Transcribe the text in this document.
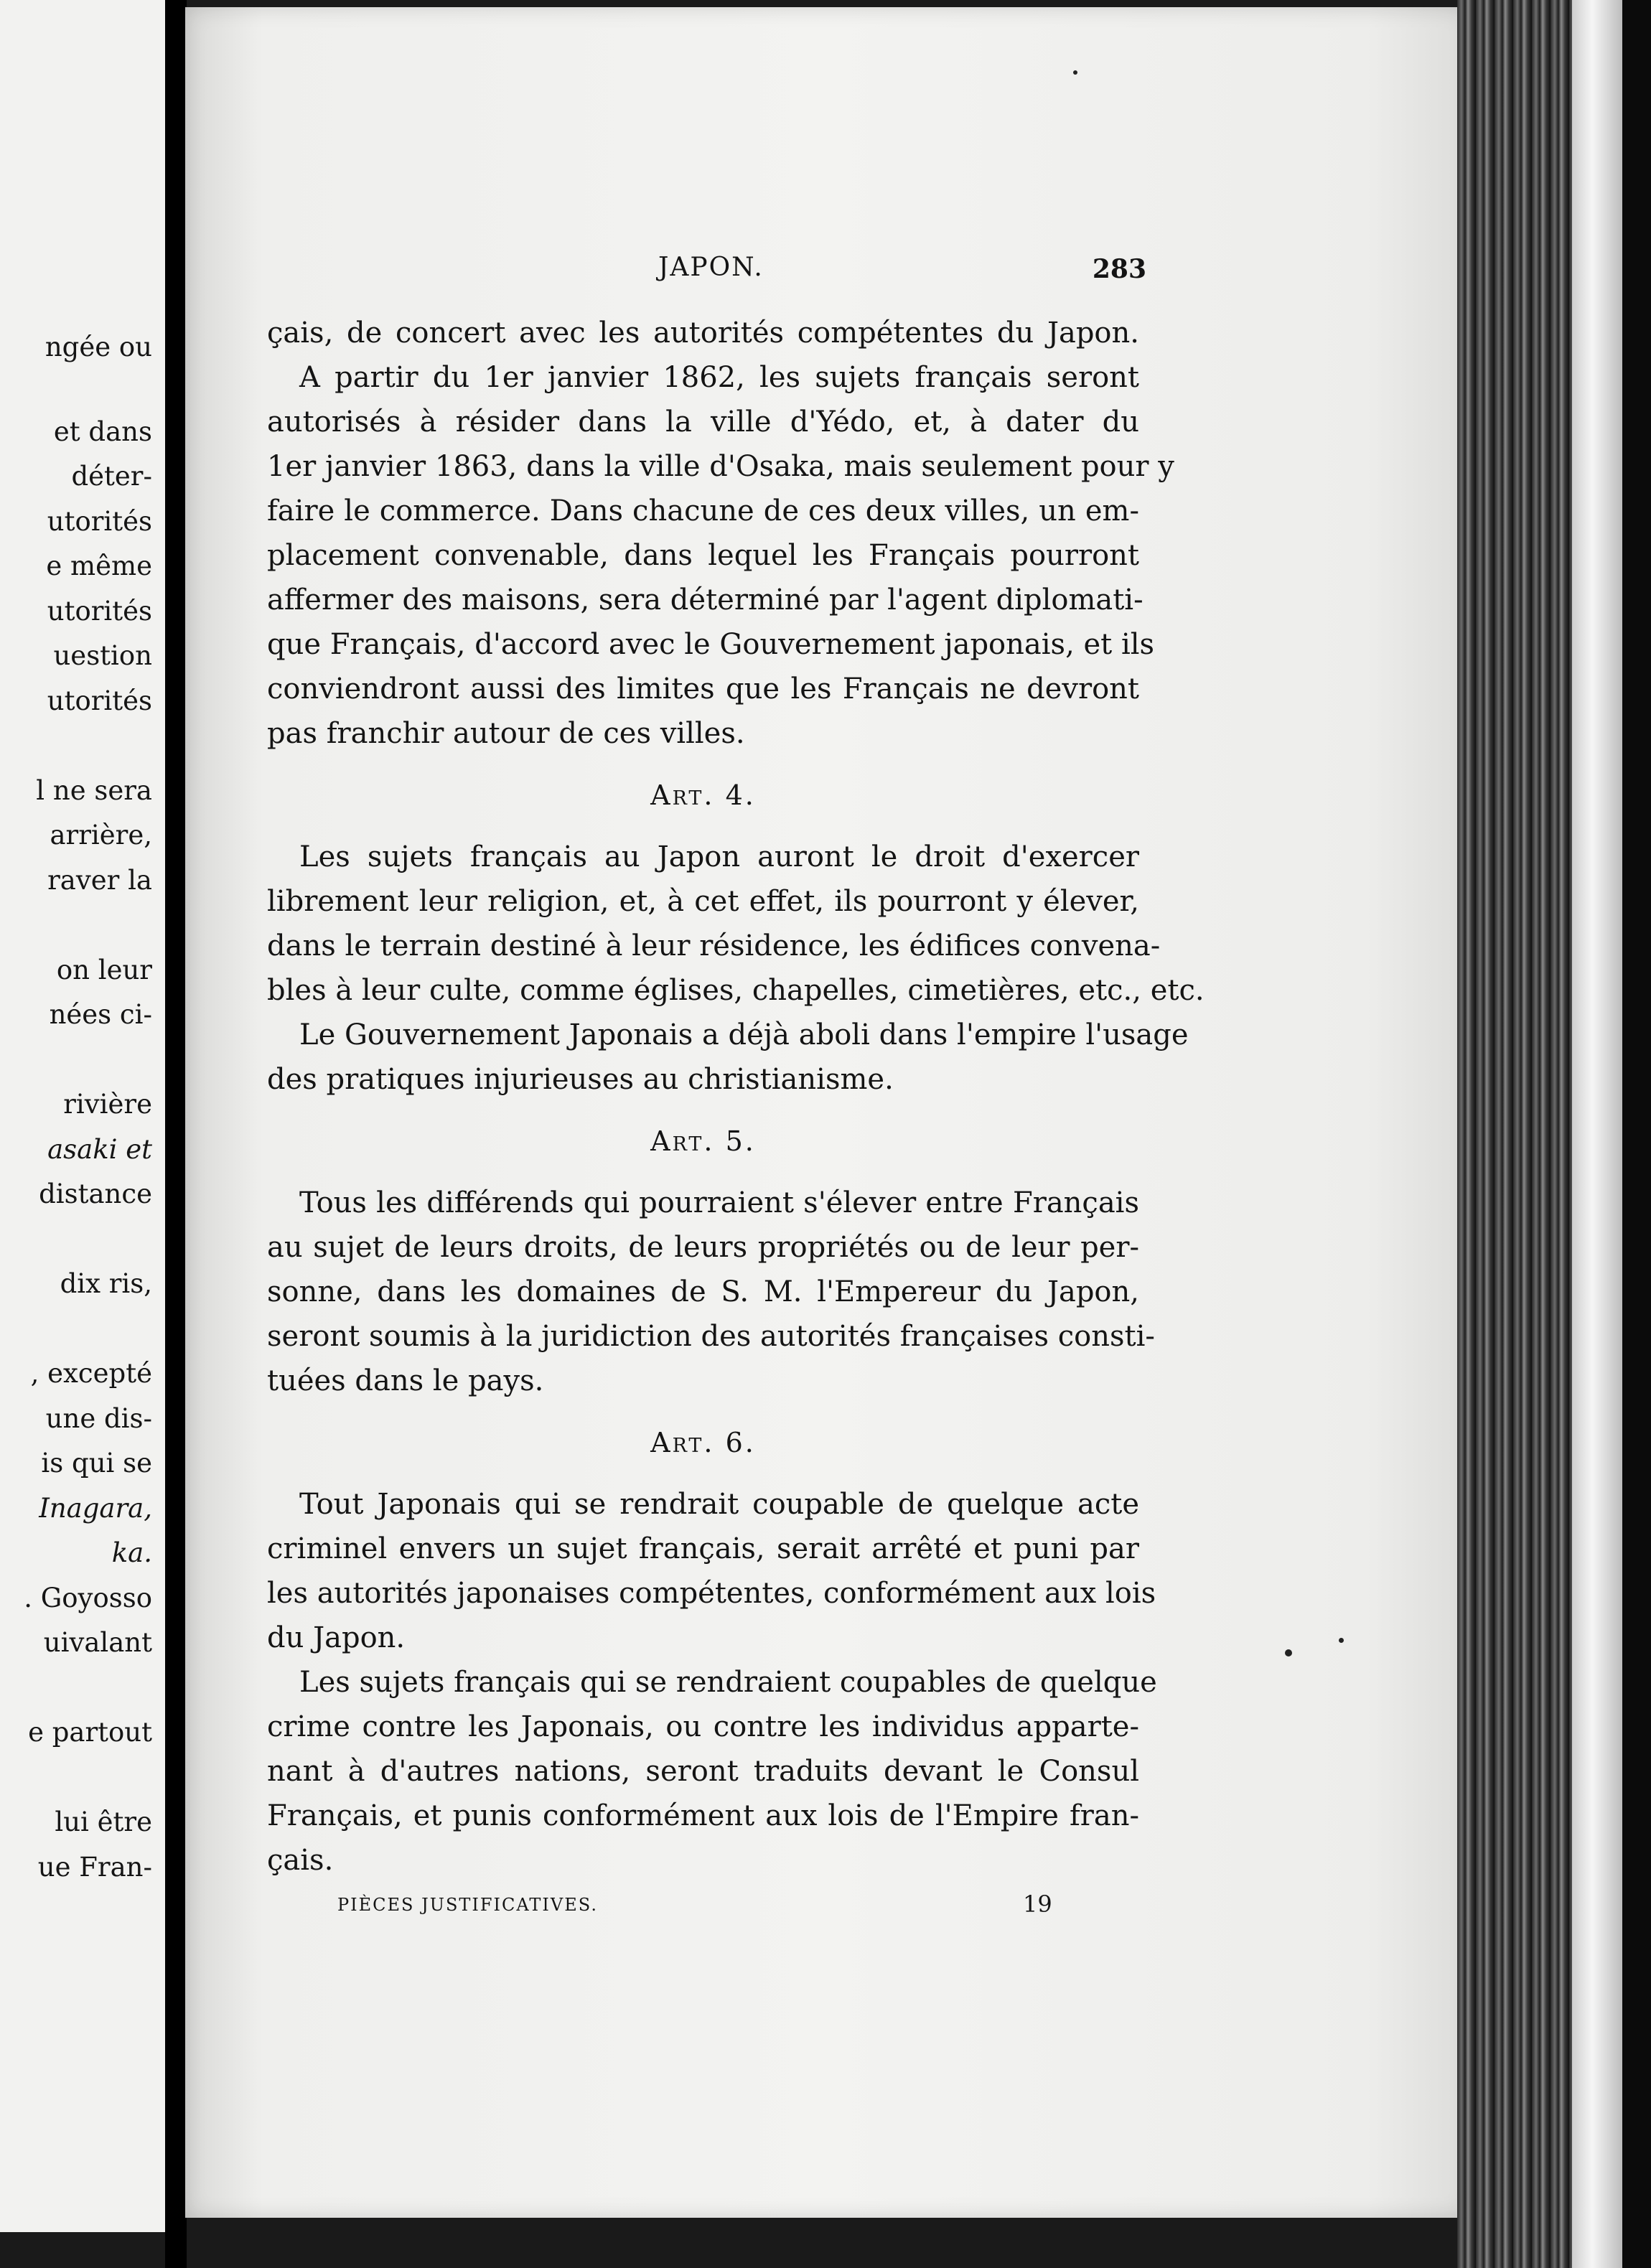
ngée ou
et dans
déter-
utorités
e même
utorités
uestion
utorités
l ne sera
arrière,
raver la
on leur
nées ci-
rivière
asaki et
distance
dix ris,
, excepté
une dis-
is qui se
Inagara,
ka.
. Goyosso
uivalant
e partout
lui être
ue Fran-
JAPON.	283
çais, de concert avec les autorités compétentes du Japon.
A partir du 1er janvier 1862, les sujets français seront
autorisés à résider dans la ville d'Yédo, et, à dater du
1er janvier 1863, dans la ville d'Osaka, mais seulement pour y
faire le commerce. Dans chacune de ces deux villes, un em-
placement convenable, dans lequel les Français pourront
affermer des maisons, sera déterminé par l'agent diplomati-
que Français, d'accord avec le Gouvernement japonais, et ils
conviendront aussi des limites que les Français ne devront
pas franchir autour de ces villes.
Art. 4.
Les sujets français au Japon auront le droit d'exercer
librement leur religion, et, à cet effet, ils pourront y élever,
dans le terrain destiné à leur résidence, les édifices convena-
bles à leur culte, comme églises, chapelles, cimetières, etc., etc.
Le Gouvernement Japonais a déjà aboli dans l'empire l'usage
des pratiques injurieuses au christianisme.
Art. 5.
Tous les différends qui pourraient s'élever entre Français
au sujet de leurs droits, de leurs propriétés ou de leur per-
sonne, dans les domaines de S. M. l'Empereur du Japon,
seront soumis à la juridiction des autorités françaises consti-
tuées dans le pays.
Art. 6.
Tout Japonais qui se rendrait coupable de quelque acte
criminel envers un sujet français, serait arrêté et puni par
les autorités japonaises compétentes, conformément aux lois
du Japon.
Les sujets français qui se rendraient coupables de quelque
crime contre les Japonais, ou contre les individus apparte-
nant à d'autres nations, seront traduits devant le Consul
Français, et punis conformément aux lois de l'Empire fran-
çais.
PIÈCES JUSTIFICATIVES.	19
